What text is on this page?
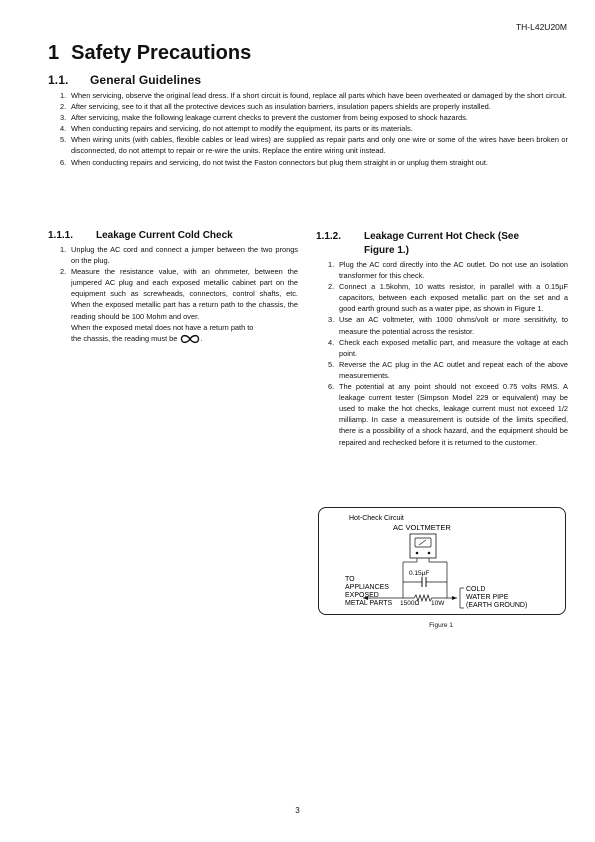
TH-L42U20M
1 Safety Precautions
1.1. General Guidelines
1. When servicing, observe the original lead dress. If a short circuit is found, replace all parts which have been overheated or damaged by the short circuit.
2. After servicing, see to it that all the protective devices such as insulation barriers, insulation papers shields are properly installed.
3. After servicing, make the following leakage current checks to prevent the customer from being exposed to shock hazards.
4. When conducting repairs and servicing, do not attempt to modify the equipment, its parts or its materials.
5. When wiring units (with cables, flexible cables or lead wires) are supplied as repair parts and only one wire or some of the wires have been broken or disconnected, do not attempt to repair or re-wire the units. Replace the entire wiring unit instead.
6. When conducting repairs and servicing, do not twist the Faston connectors but plug them straight in or unplug them straight out.
1.1.1.	Leakage Current Cold Check
1. Unplug the AC cord and connect a jumper between the two prongs on the plug.
2. Measure the resistance value, with an ohmmeter, between the jumpered AC plug and each exposed metallic cabinet part on the equipment such as screwheads, connectors, control shafts, etc. When the exposed metallic part has a return path to the chassis, the reading should be 100 Mohm and over.
When the exposed metal does not have a return path to
the chassis, the reading must be	.
1.1.2.	Leakage Current Hot Check (See
Figure 1.)
1. Plug the AC cord directly into the AC outlet. Do not use an isolation transformer for this check.
2. Connect a 1.5kohm, 10 watts resistor, in parallel with a 0.15µF capacitors, between each exposed metallic part on the set and a good earth ground such as a water pipe, as shown in Figure 1.
3. Use an AC voltmeter, with 1000 ohms/volt or more sensitivity, to measure the potential across the resistor.
4. Check each exposed metallic part, and measure the voltage at each point.
5. Reverse the AC plug in the AC outlet and repeat each of the above measurements.
6. The potential at any point should not exceed 0.75 volts RMS. A leakage current tester (Simpson Model 229 or equivalent) may be used to make the hot checks, leakage current must not exceed 1/2 milliamp. In case a measurement is outside of the limits specified, there is a possibility of a shock hazard, and the equipment should be repaired and rechecked before it is returned to the customer.
Hot-Check Circuit
AC VOLTMETER
0.15µF
TO
APPLIANCES
EXPOSED
METAL PARTS 1500Ω 10W
COLD
WATER PIPE
(EARTH GROUND)
Figure 1
3
